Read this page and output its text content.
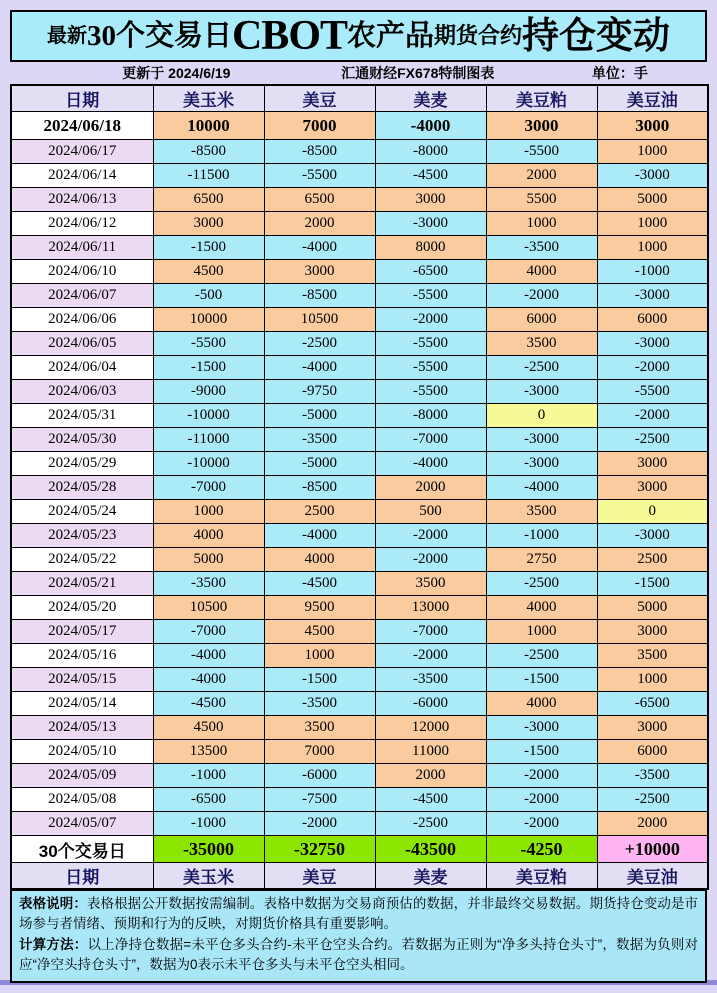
最新 30个交易日 CBOT 农产品 期货合约 持仓变动
更新于 2024/6/19	汇通财经FX678特制图表	单位：手
日期	美玉米	美豆	美麦	美豆粕	美豆油
2024/06/18	10000	7000	-4000	3000	3000
2024/06/17	-8500	-8500	-8000	-5500	1000
2024/06/14	-11500	-5500	-4500	2000	-3000
2024/06/13	6500	6500	3000	5500	5000
2024/06/12	3000	2000	-3000	1000	1000
2024/06/11	-1500	-4000	8000	-3500	1000
2024/06/10	4500	3000	-6500	4000	-1000
2024/06/07	-500	-8500	-5500	-2000	-3000
2024/06/06	10000	10500	-2000	6000	6000
2024/06/05	-5500	-2500	-5500	3500	-3000
2024/06/04	-1500	-4000	-5500	-2500	-2000
2024/06/03	-9000	-9750	-5500	-3000	-5500
2024/05/31	-10000	-5000	-8000	0	-2000
2024/05/30	-11000	-3500	-7000	-3000	-2500
2024/05/29	-10000	-5000	-4000	-3000	3000
2024/05/28	-7000	-8500	2000	-4000	3000
2024/05/24	1000	2500	500	3500	0
2024/05/23	4000	-4000	-2000	-1000	-3000
2024/05/22	5000	4000	-2000	2750	2500
2024/05/21	-3500	-4500	3500	-2500	-1500
2024/05/20	10500	9500	13000	4000	5000
2024/05/17	-7000	4500	-7000	1000	3000
2024/05/16	-4000	1000	-2000	-2500	3500
2024/05/15	-4000	-1500	-3500	-1500	1000
2024/05/14	-4500	-3500	-6000	4000	-6500
2024/05/13	4500	3500	12000	-3000	3000
2024/05/10	13500	7000	11000	-1500	6000
2024/05/09	-1000	-6000	2000	-2000	-3500
2024/05/08	-6500	-7500	-4500	-2000	-2500
2024/05/07	-1000	-2000	-2500	-2000	2000
30个交易日	-35000	-32750	-43500	-4250	+10000
日期	美玉米	美豆	美麦	美豆粕	美豆油
表格说明：表格根据公开数据按需编制。表格中数据为交易商预估的数据，并非最终交易数据。期货持仓变动是市场参与者情绪、预期和行为的反映，对期货价格具有重要影响。
计算方法：以上净持仓数据=未平仓多头合约-未平仓空头合约。若数据为正则为“净多头持仓头寸”，数据为负则对应“净空头持仓头寸”，数据为0表示未平仓多头与未平仓空头相同。
